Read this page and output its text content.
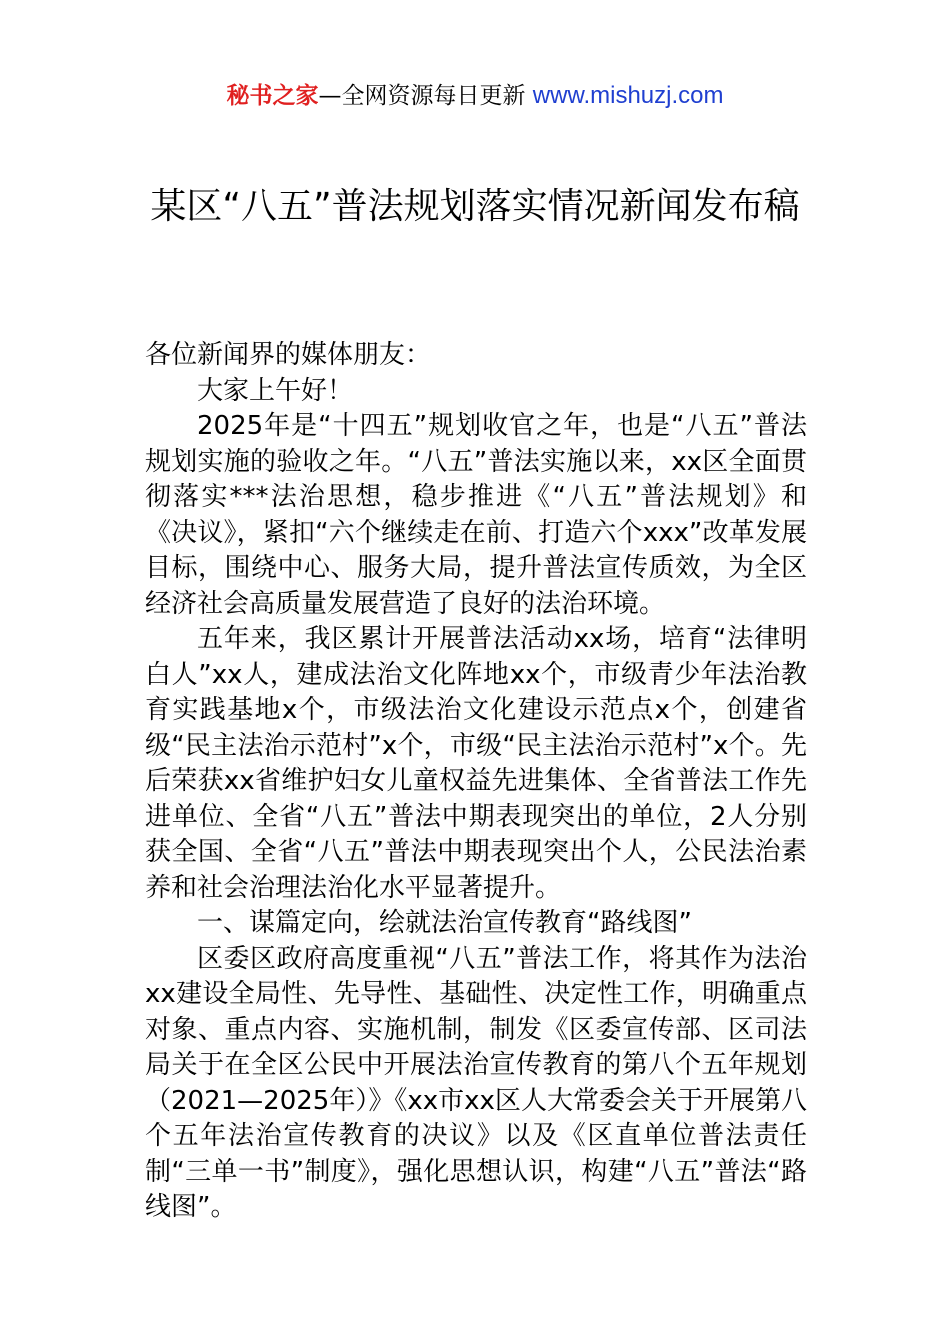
秘书之家—全网资源每日更新 www.mishuzj.com
某区“八五”普法规划落实情况新闻发布稿

各位新闻界的媒体朋友：

大家上午好！

2025年是“十四五”规划收官之年，也是“八五”普法规划实施的验收之年。“八五”普法实施以来，xx区全面贯彻落实***法治思想，稳步推进《“八五”普法规划》和《决议》，紧扣“六个继续走在前、打造六个xxx”改革发展目标，围绕中心、服务大局，提升普法宣传质效，为全区经济社会高质量发展营造了良好的法治环境。

五年来，我区累计开展普法活动xx场，培育“法律明白人”xx人，建成法治文化阵地xx个，市级青少年法治教育实践基地x个，市级法治文化建设示范点x个，创建省级“民主法治示范村”x个，市级“民主法治示范村”x个。先后荣获xx省维护妇女儿童权益先进集体、全省普法工作先进单位、全省“八五”普法中期表现突出的单位，2人分别获全国、全省“八五”普法中期表现突出个人，公民法治素养和社会治理法治化水平显著提升。

一、谋篇定向，绘就法治宣传教育“路线图”

区委区政府高度重视“八五”普法工作，将其作为法治xx建设全局性、先导性、基础性、决定性工作，明确重点对象、重点内容、实施机制，制发《区委宣传部、区司法局关于在全区公民中开展法治宣传教育的第八个五年规划（2021—2025年）》《xx市xx区人大常委会关于开展第八个五年法治宣传教育的决议》以及《区直单位普法责任制“三单一书”制度》，强化思想认识，构建“八五”普法“路线图”。
